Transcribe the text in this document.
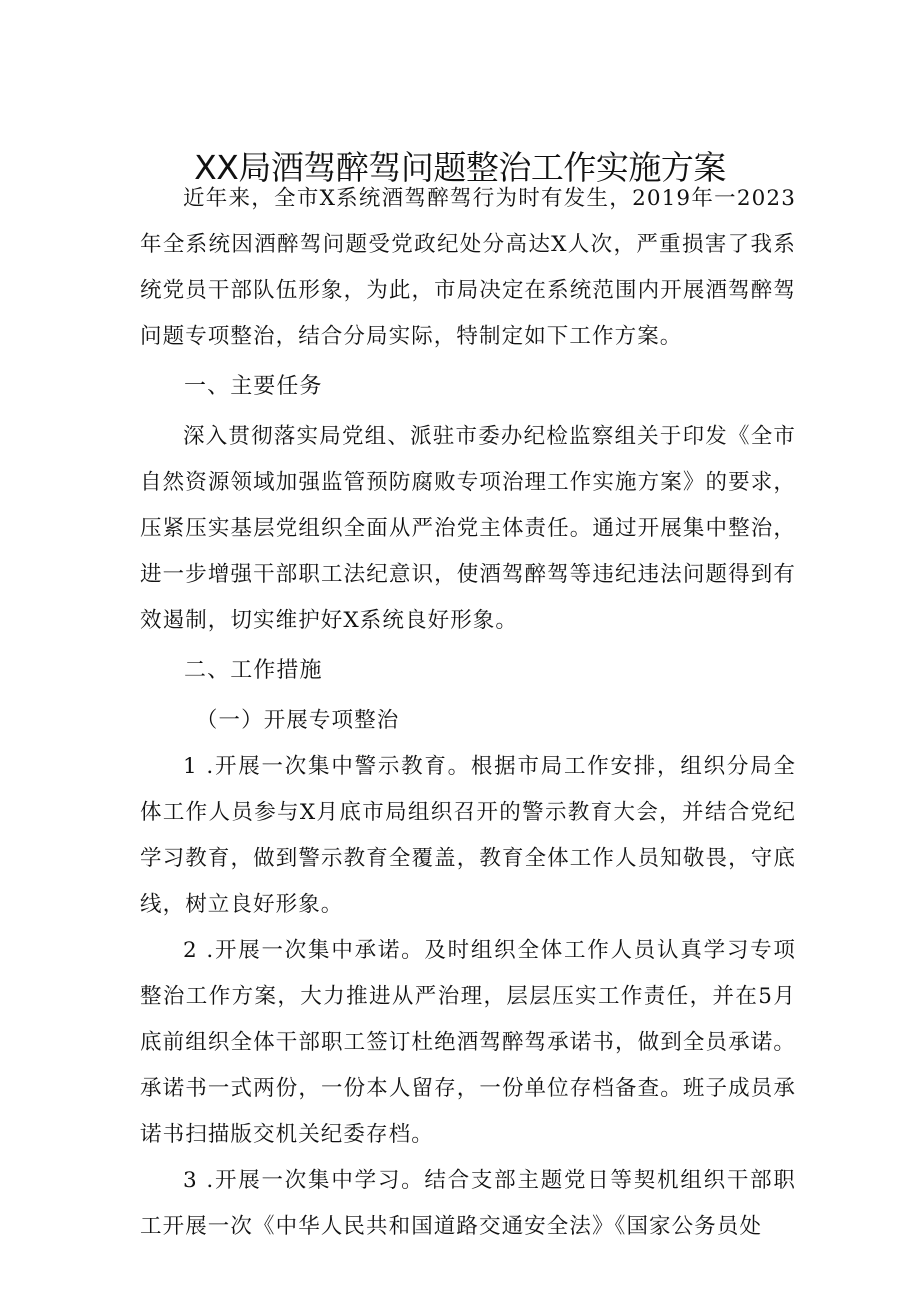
XX局酒驾醉驾问题整治工作实施方案

近年来，全市X系统酒驾醉驾行为时有发生，2019年一2023年全系统因酒醉驾问题受党政纪处分高达X人次，严重损害了我系统党员干部队伍形象，为此，市局决定在系统范围内开展酒驾醉驾问题专项整治，结合分局实际，特制定如下工作方案。

一、主要任务

深入贯彻落实局党组、派驻市委办纪检监察组关于印发《全市自然资源领域加强监管预防腐败专项治理工作实施方案》的要求，压紧压实基层党组织全面从严治党主体责任。通过开展集中整治，进一步增强干部职工法纪意识，使酒驾醉驾等违纪违法问题得到有效遏制，切实维护好X系统良好形象。

二、工作措施

（一）开展专项整治

1 .开展一次集中警示教育。根据市局工作安排，组织分局全体工作人员参与X月底市局组织召开的警示教育大会，并结合党纪学习教育，做到警示教育全覆盖，教育全体工作人员知敬畏，守底线，树立良好形象。

2 .开展一次集中承诺。及时组织全体工作人员认真学习专项整治工作方案，大力推进从严治理，层层压实工作责任，并在5月底前组织全体干部职工签订杜绝酒驾醉驾承诺书，做到全员承诺。承诺书一式两份，一份本人留存，一份单位存档备查。班子成员承诺书扫描版交机关纪委存档。

3 .开展一次集中学习。结合支部主题党日等契机组织干部职工开展一次《中华人民共和国道路交通安全法》《国家公务员处
